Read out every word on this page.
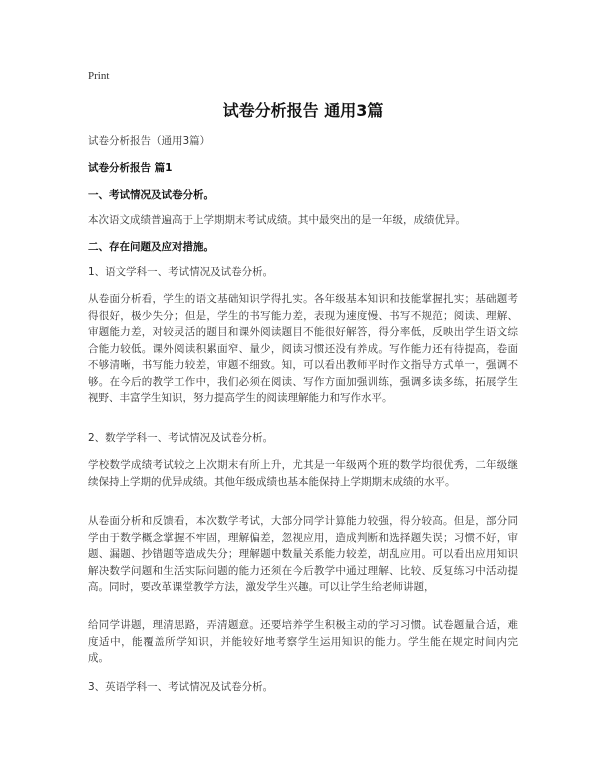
Print
试卷分析报告 通用3篇

试卷分析报告（通用3篇）

试卷分析报告 篇1

一、考试情况及试卷分析。

本次语文成绩普遍高于上学期期末考试成绩。其中最突出的是一年级，成绩优异。

二、存在问题及应对措施。

1、语文学科一、考试情况及试卷分析。

从卷面分析看，学生的语文基础知识学得扎实。各年级基本知识和技能掌握扎实；基础题考得很好，极少失分；但是，学生的书写能力差，表现为速度慢、书写不规范；阅读、理解、审题能力差，对较灵活的题目和课外阅读题目不能很好解答，得分率低，反映出学生语文综合能力较低。课外阅读积累面窄、量少，阅读习惯还没有养成。写作能力还有待提高，卷面不够清晰，书写能力较差，审题不细致。知，可以看出教师平时作文指导方式单一，强调不够。在今后的教学工作中，我们必须在阅读、写作方面加强训练，强调多读多练，拓展学生视野、丰富学生知识，努力提高学生的阅读理解能力和写作水平。

2、数学学科一、考试情况及试卷分析。

学校数学成绩考试较之上次期末有所上升，尤其是一年级两个班的数学均很优秀，二年级继续保持上学期的优异成绩。其他年级成绩也基本能保持上学期期末成绩的水平。

从卷面分析和反馈看，本次数学考试，大部分同学计算能力较强，得分较高。但是，部分同学由于数学概念掌握不牢固，理解偏差，忽视应用，造成判断和选择题失误；习惯不好，审题、漏题、抄错题等造成失分；理解题中数量关系能力较差，胡乱应用。可以看出应用知识解决数学问题和生活实际问题的能力还须在今后教学中通过理解、比较、反复练习中活动提高。同时，要改革课堂教学方法，激发学生兴趣。可以让学生给老师讲题，

给同学讲题，理清思路，弄清题意。还要培养学生积极主动的学习习惯。试卷题量合适，难度适中，能覆盖所学知识，并能较好地考察学生运用知识的能力。学生能在规定时间内完成。

3、英语学科一、考试情况及试卷分析。
